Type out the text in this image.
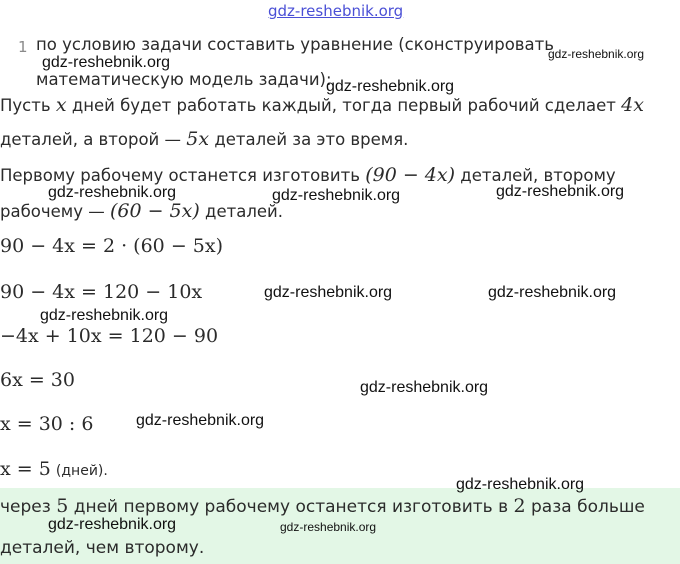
gdz-reshebnik.org
1 по условию задачи составить уравнение (сконструировать
математическую модель задачи):
Пусть x дней будет работать каждый, тогда первый рабочий сделает 4x
деталей, а второй — 5x деталей за это время.
Первому рабочему останется изготовить (90 − 4x) деталей, второму
рабочему — (60 − 5x) деталей.
90 − 4x = 2 · (60 − 5x)
90 − 4x = 120 − 10x
−4x + 10x = 120 − 90
6x = 30
x = 30 : 6
x = 5 (дней).
через 5 дней первому рабочему останется изготовить в 2 раза больше
деталей, чем второму.
gdz-reshebnik.org
gdz-reshebnik.org
gdz-reshebnik.org
gdz-reshebnik.org	gdz-reshebnik.org	gdz-reshebnik.org
gdz-reshebnik.org	gdz-reshebnik.org
gdz-reshebnik.org
gdz-reshebnik.org
gdz-reshebnik.org
gdz-reshebnik.org
gdz-reshebnik.org	gdz-reshebnik.org
